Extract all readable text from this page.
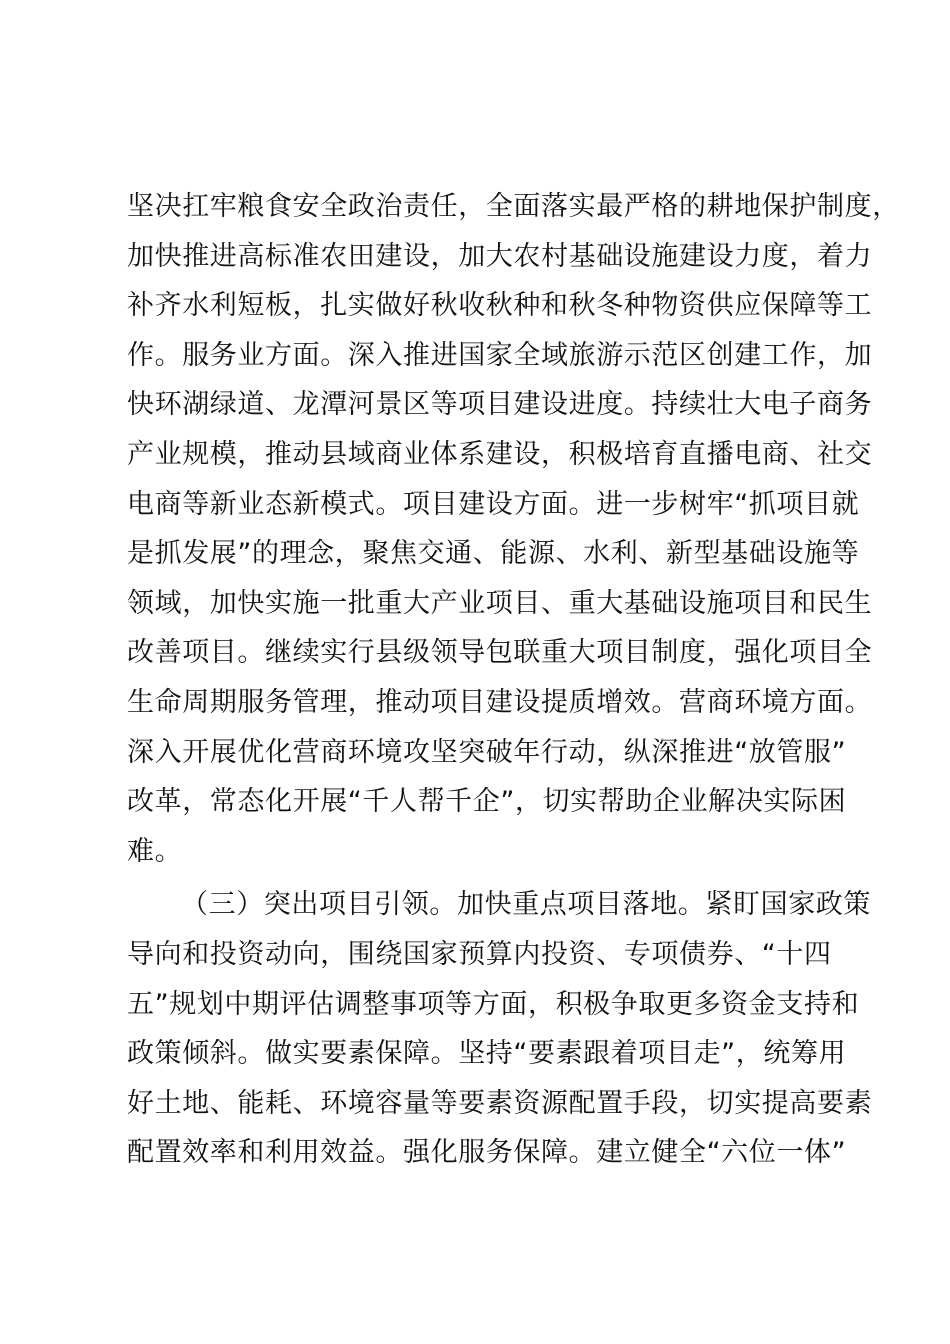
坚决扛牢粮食安全政治责任，全面落实最严格的耕地保护制度，
加快推进高标准农田建设，加大农村基础设施建设力度，着力
补齐水利短板，扎实做好秋收秋种和秋冬种物资供应保障等工
作。服务业方面。深入推进国家全域旅游示范区创建工作，加
快环湖绿道、龙潭河景区等项目建设进度。持续壮大电子商务
产业规模，推动县域商业体系建设，积极培育直播电商、社交
电商等新业态新模式。项目建设方面。进一步树牢“抓项目就
是抓发展”的理念，聚焦交通、能源、水利、新型基础设施等
领域，加快实施一批重大产业项目、重大基础设施项目和民生
改善项目。继续实行县级领导包联重大项目制度，强化项目全
生命周期服务管理，推动项目建设提质增效。营商环境方面。
深入开展优化营商环境攻坚突破年行动，纵深推进“放管服”
改革，常态化开展“千人帮千企”，切实帮助企业解决实际困
难。
（三）突出项目引领。加快重点项目落地。紧盯国家政策
导向和投资动向，围绕国家预算内投资、专项债券、“十四
五”规划中期评估调整事项等方面，积极争取更多资金支持和
政策倾斜。做实要素保障。坚持“要素跟着项目走”，统筹用
好土地、能耗、环境容量等要素资源配置手段，切实提高要素
配置效率和利用效益。强化服务保障。建立健全“六位一体”
